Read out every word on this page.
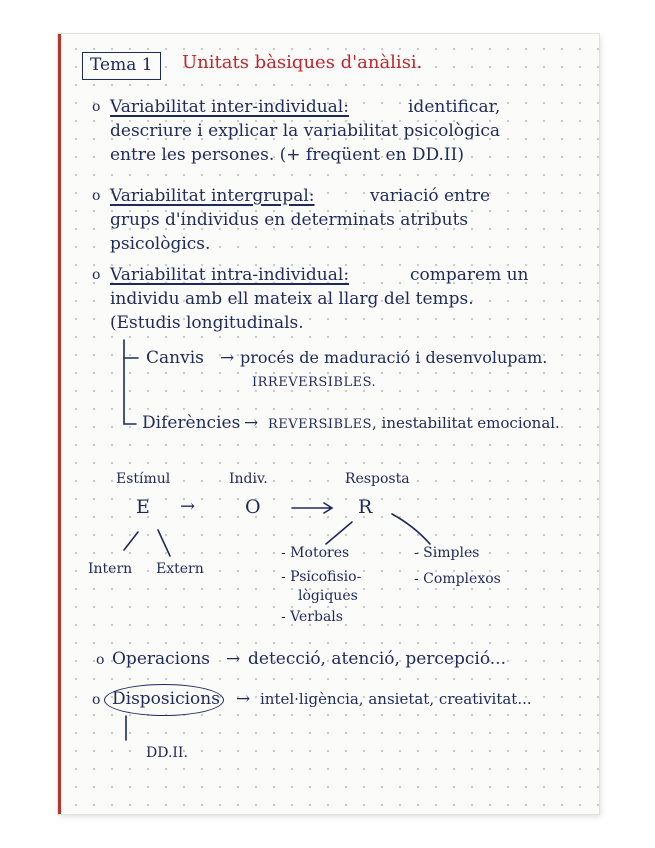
Tema 1 Unitats bàsiques d'anàlisi.
o Variabilitat inter-individual:	identificar,
descriure i explicar la variabilitat psicològica
entre les persones. (+ freqüent en DD.II)
o Variabilitat intergrupal:	variació entre
grups d'individus en determinats atributs
psicològics.
o Variabilitat intra-individual:	comparem un
individu amb ell mateix al llarg del temps.
(Estudis longitudinals.
Canvis → procés de maduració i desenvolupam.
IRREVERSIBLES.
Diferències → REVERSIBLES , inestabilitat emocional.
Estímul	Indiv.	Resposta
E →	O	R
Intern Extern
- Motores
- Psicofisio-
lògiques
- Verbals
- Simples
- Complexos
o Operacions → detecció, atenció, percepció...
o Disposicions → intel·ligència, ansietat, creativitat...
DD.II.
